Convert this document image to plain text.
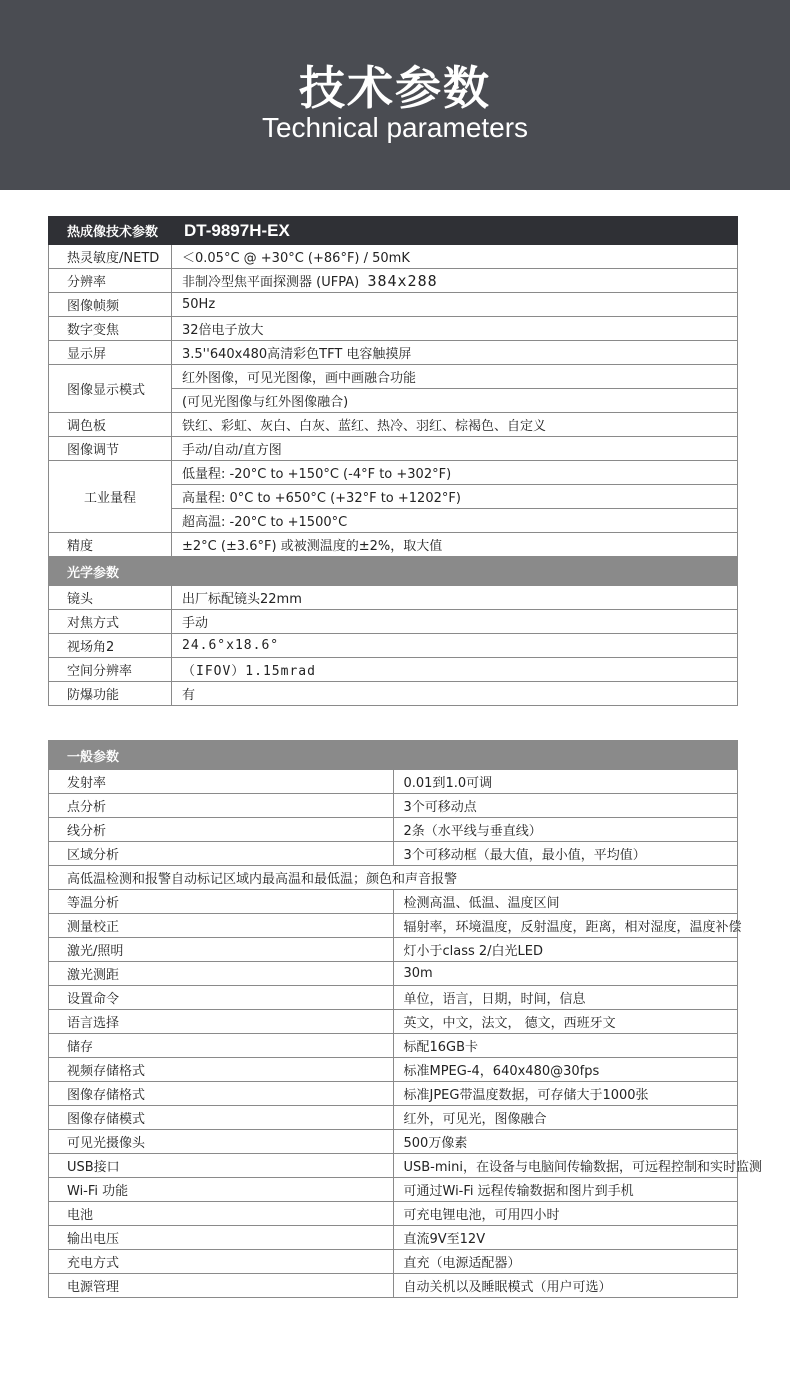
技术参数
Technical parameters
热成像技术参数	DT-9897H-EX
热灵敏度/NETD	＜0.05°C @ +30°C (+86°F) / 50mK
分辨率	非制冷型焦平面探测器 (UFPA) 384x288
图像帧频	50Hz
数字变焦	32倍电子放大
显示屏	3.5''640x480高清彩色TFT 电容触摸屏
图像显示模式	红外图像，可见光图像，画中画融合功能
	(可见光图像与红外图像融合)
调色板	铁红、彩虹、灰白、白灰、蓝红、热冷、羽红、棕褐色、自定义
图像调节	手动/自动/直方图
工业量程	低量程: -20°C to +150°C (-4°F to +302°F)
	高量程: 0°C to +650°C (+32°F to +1202°F)
	超高温: -20°C to +1500°C
精度	±2°C (±3.6°F) 或被测温度的±2%，取大值
光学参数	
镜头	出厂标配镜头22mm
对焦方式	手动
视场角2	24.6°x18.6°
空间分辨率	（IFOV）1.15mrad
防爆功能	有
一般参数	
发射率	0.01到1.0可调
点分析	3个可移动点
线分析	2条（水平线与垂直线）
区域分析	3个可移动框（最大值，最小值，平均值）
高低温检测和报警自动标记区域内最高温和最低温；颜色和声音报警	
等温分析	检测高温、低温、温度区间
测量校正	辐射率，环境温度，反射温度，距离，相对湿度，温度补偿
激光/照明	灯小于class 2/白光LED
激光测距	30m
设置命令	单位，语言，日期，时间，信息
语言选择	英文，中文，法文， 德文，西班牙文
储存	标配16GB卡
视频存储格式	标准MPEG-4，640x480@30fps
图像存储格式	标准JPEG带温度数据，可存储大于1000张
图像存储模式	红外，可见光，图像融合
可见光摄像头	500万像素
USB接口	USB-mini，在设备与电脑间传输数据，可远程控制和实时监测
Wi-Fi 功能	可通过Wi-Fi 远程传输数据和图片到手机
电池	可充电锂电池，可用四小时
输出电压	直流9V至12V
充电方式	直充（电源适配器）
电源管理	自动关机以及睡眠模式（用户可选）
